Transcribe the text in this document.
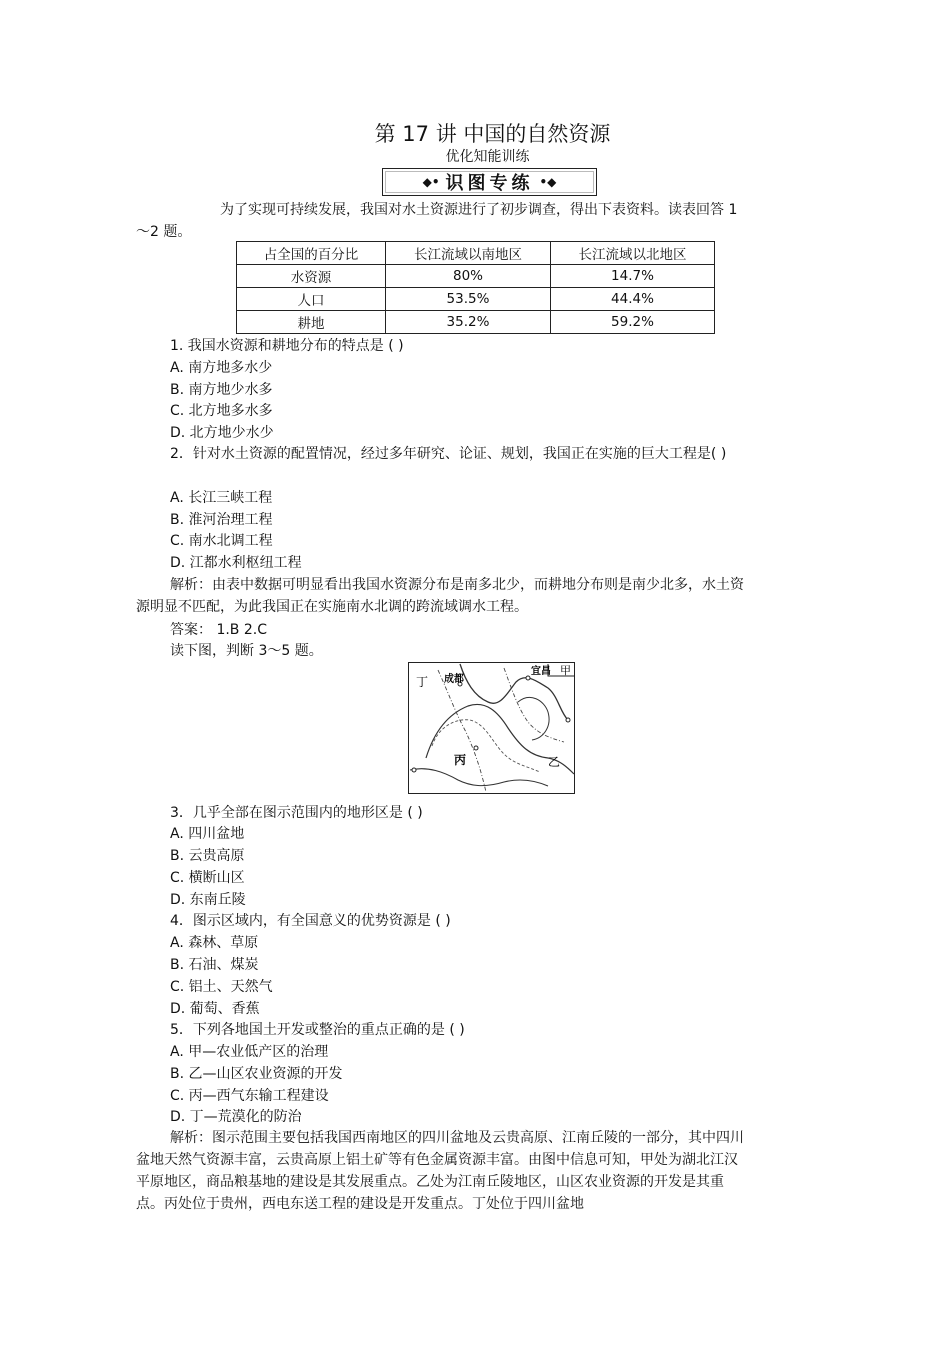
第 17 讲 中国的自然资源
优化知能训练
◆• 识图专练 •◆
为了实现可持续发展，我国对水土资源进行了初步调查，得出下表资料。读表回答 1～2 题。
占全国的百分比	长江流域以南地区	长江流域以北地区
水资源	80%	14.7%
人口	53.5%	44.4%
耕地	35.2%	59.2%
1. 我国水资源和耕地分布的特点是 ( )
A. 南方地多水少
B. 南方地少水多
C. 北方地多水多
D. 北方地少水少
2．针对水土资源的配置情况，经过多年研究、论证、规划，我国正在实施的巨大工程是( )
A. 长江三峡工程
B. 淮河治理工程
C. 南水北调工程
D. 江都水利枢纽工程
解析：由表中数据可明显看出我国水资源分布是南多北少，而耕地分布则是南少北多，水土资源明显不匹配，为此我国正在实施南水北调的跨流域调水工程。
答案： 1.B 2.C
读下图，判断 3～5 题。
丁 成都
宜昌 甲
丙	乙
3．几乎全部在图示范围内的地形区是 ( )
A. 四川盆地
B. 云贵高原
C. 横断山区
D. 东南丘陵
4．图示区域内，有全国意义的优势资源是 ( )
A. 森林、草原
B. 石油、煤炭
C. 铝土、天然气
D. 葡萄、香蕉
5．下列各地国土开发或整治的重点正确的是 ( )
A. 甲—农业低产区的治理
B. 乙—山区农业资源的开发
C. 丙—西气东输工程建设
D. 丁—荒漠化的防治
解析：图示范围主要包括我国西南地区的四川盆地及云贵高原、江南丘陵的一部分，其中四川盆地天然气资源丰富，云贵高原上铝土矿等有色金属资源丰富。由图中信息可知，甲处为湖北江汉平原地区，商品粮基地的建设是其发展重点。乙处为江南丘陵地区，山区农业资源的开发是其重点。丙处位于贵州，西电东送工程的建设是开发重点。丁处位于四川盆地
